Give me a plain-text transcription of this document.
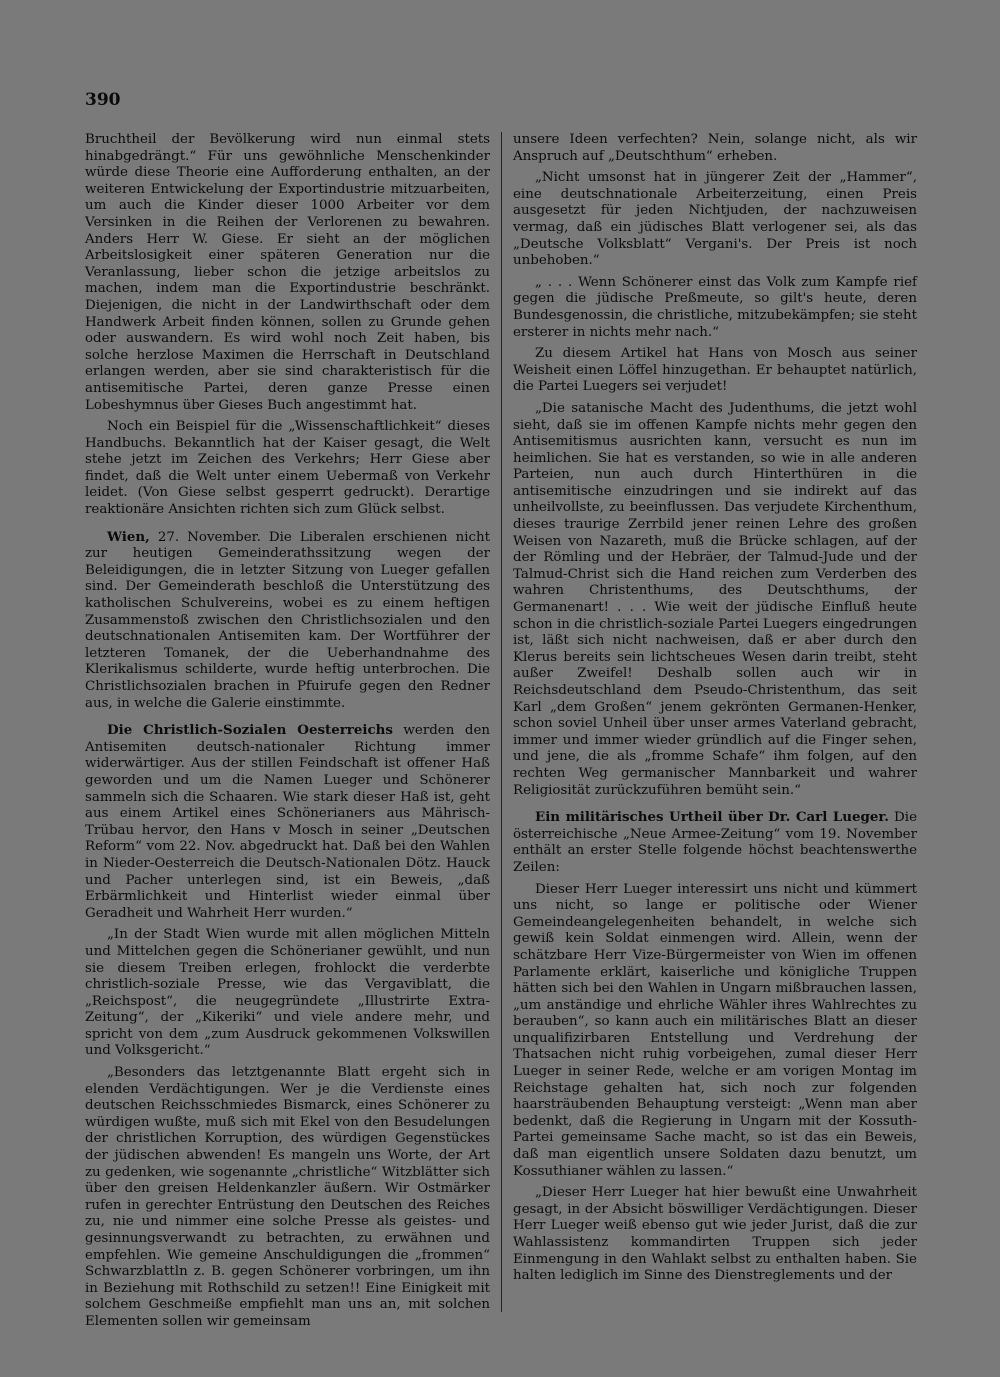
390

Bruchtheil der Bevölkerung wird nun einmal stets hinabgedrängt.“ Für uns gewöhnliche Menschenkinder würde diese Theorie eine Aufforderung enthalten, an der weiteren Entwickelung der Exportindustrie mitzuarbeiten, um auch die Kinder dieser 1000 Arbeiter vor dem Versinken in die Reihen der Verlorenen zu bewahren. Anders Herr W. Giese. Er sieht an der möglichen Arbeitslosigkeit einer späteren Generation nur die Veranlassung, lieber schon die jetzige arbeitslos zu machen, indem man die Exportindustrie beschränkt. Diejenigen, die nicht in der Landwirthschaft oder dem Handwerk Arbeit finden können, sollen zu Grunde gehen oder auswandern. Es wird wohl noch Zeit haben, bis solche herzlose Maximen die Herrschaft in Deutschland erlangen werden, aber sie sind charakteristisch für die antisemitische Partei, deren ganze Presse einen Lobeshymnus über Gieses Buch angestimmt hat.

Noch ein Beispiel für die „Wissenschaftlichkeit“ dieses Handbuchs. Bekanntlich hat der Kaiser gesagt, die Welt stehe jetzt im Zeichen des Verkehrs; Herr Giese aber findet, daß die Welt unter einem Uebermaß von Verkehr leidet. (Von Giese selbst gesperrt gedruckt). Derartige reaktionäre Ansichten richten sich zum Glück selbst.

Wien, 27. November. Die Liberalen erschienen nicht zur heutigen Gemeinderathssitzung wegen der Beleidigungen, die in letzter Sitzung von Lueger gefallen sind. Der Gemeinderath beschloß die Unterstützung des katholischen Schulvereins, wobei es zu einem heftigen Zusammenstoß zwischen den Christlichsozialen und den deutschnationalen Antisemiten kam. Der Wortführer der letzteren Tomanek, der die Ueberhandnahme des Klerikalismus schilderte, wurde heftig unterbrochen. Die Christlichsozialen brachen in Pfuirufe gegen den Redner aus, in welche die Galerie einstimmte.

Die Christlich-Sozialen Oesterreichs werden den Antisemiten deutsch-nationaler Richtung immer widerwärtiger. Aus der stillen Feindschaft ist offener Haß geworden und um die Namen Lueger und Schönerer sammeln sich die Schaaren. Wie stark dieser Haß ist, geht aus einem Artikel eines Schönerianers aus Mährisch-Trübau hervor, den Hans v Mosch in seiner „Deutschen Reform“ vom 22. Nov. abgedruckt hat. Daß bei den Wahlen in Nieder-Oesterreich die Deutsch-Nationalen Dötz. Hauck und Pacher unterlegen sind, ist ein Beweis, „daß Erbärmlichkeit und Hinterlist wieder einmal über Geradheit und Wahrheit Herr wurden.“

„In der Stadt Wien wurde mit allen möglichen Mitteln und Mittelchen gegen die Schönerianer gewühlt, und nun sie diesem Treiben erlegen, frohlockt die verderbte christlich-soziale Presse, wie das Vergaviblatt, die „Reichspost“, die neugegründete „Illustrirte Extra-Zeitung“, der „Kikeriki“ und viele andere mehr, und spricht von dem „zum Ausdruck gekommenen Volkswillen und Volksgericht.“

„Besonders das letztgenannte Blatt ergeht sich in elenden Verdächtigungen. Wer je die Verdienste eines deutschen Reichsschmiedes Bismarck, eines Schönerer zu würdigen wußte, muß sich mit Ekel von den Besudelungen der christlichen Korruption, des würdigen Gegenstückes der jüdischen abwenden! Es mangeln uns Worte, der Art zu gedenken, wie sogenannte „christliche“ Witzblätter sich über den greisen Heldenkanzler äußern. Wir Ostmärker rufen in gerechter Entrüstung den Deutschen des Reiches zu, nie und nimmer eine solche Presse als geistes- und gesinnungsverwandt zu betrachten, zu erwähnen und empfehlen. Wie gemeine Anschuldigungen die „frommen“ Schwarzblattln z. B. gegen Schönerer vorbringen, um ihn in Beziehung mit Rothschild zu setzen!! Eine Einigkeit mit solchem Geschmeiße empfiehlt man uns an, mit solchen Elementen sollen wir gemeinsam

unsere Ideen verfechten? Nein, solange nicht, als wir Anspruch auf „Deutschthum“ erheben.

„Nicht umsonst hat in jüngerer Zeit der „Hammer“, eine deutschnationale Arbeiterzeitung, einen Preis ausgesetzt für jeden Nichtjuden, der nachzuweisen vermag, daß ein jüdisches Blatt verlogener sei, als das „Deutsche Volksblatt“ Vergani's. Der Preis ist noch unbehoben.“

„ . . . Wenn Schönerer einst das Volk zum Kampfe rief gegen die jüdische Preßmeute, so gilt's heute, deren Bundesgenossin, die christliche, mitzubekämpfen; sie steht ersterer in nichts mehr nach.“

Zu diesem Artikel hat Hans von Mosch aus seiner Weisheit einen Löffel hinzugethan. Er behauptet natürlich, die Partei Luegers sei verjudet!

„Die satanische Macht des Judenthums, die jetzt wohl sieht, daß sie im offenen Kampfe nichts mehr gegen den Antisemitismus ausrichten kann, versucht es nun im heimlichen. Sie hat es verstanden, so wie in alle anderen Parteien, nun auch durch Hinterthüren in die antisemitische einzudringen und sie indirekt auf das unheilvollste, zu beeinflussen. Das verjudete Kirchenthum, dieses traurige Zerrbild jener reinen Lehre des großen Weisen von Nazareth, muß die Brücke schlagen, auf der der Römling und der Hebräer, der Talmud-Jude und der Talmud-Christ sich die Hand reichen zum Verderben des wahren Christenthums, des Deutschthums, der Germanenart! . . . Wie weit der jüdische Einfluß heute schon in die christlich-soziale Partei Luegers eingedrungen ist, läßt sich nicht nachweisen, daß er aber durch den Klerus bereits sein lichtscheues Wesen darin treibt, steht außer Zweifel! Deshalb sollen auch wir in Reichsdeutschland dem Pseudo-Christenthum, das seit Karl „dem Großen“ jenem gekrönten Germanen-Henker, schon soviel Unheil über unser armes Vaterland gebracht, immer und immer wieder gründlich auf die Finger sehen, und jene, die als „fromme Schafe“ ihm folgen, auf den rechten Weg germanischer Mannbarkeit und wahrer Religiosität zurückzuführen bemüht sein.“

Ein militärisches Urtheil über Dr. Carl Lueger. Die österreichische „Neue Armee-Zeitung“ vom 19. November enthält an erster Stelle folgende höchst beachtenswerthe Zeilen:

Dieser Herr Lueger interessirt uns nicht und kümmert uns nicht, so lange er politische oder Wiener Gemeindeangelegenheiten behandelt, in welche sich gewiß kein Soldat einmengen wird. Allein, wenn der schätzbare Herr Vize-Bürgermeister von Wien im offenen Parlamente erklärt, kaiserliche und königliche Truppen hätten sich bei den Wahlen in Ungarn mißbrauchen lassen, „um anständige und ehrliche Wähler ihres Wahlrechtes zu berauben“, so kann auch ein militärisches Blatt an dieser unqualifizirbaren Entstellung und Verdrehung der Thatsachen nicht ruhig vorbeigehen, zumal dieser Herr Lueger in seiner Rede, welche er am vorigen Montag im Reichstage gehalten hat, sich noch zur folgenden haarsträubenden Behauptung versteigt: „Wenn man aber bedenkt, daß die Regierung in Ungarn mit der Kossuth-Partei gemeinsame Sache macht, so ist das ein Beweis, daß man eigentlich unsere Soldaten dazu benutzt, um Kossuthianer wählen zu lassen.“

„Dieser Herr Lueger hat hier bewußt eine Unwahrheit gesagt, in der Absicht böswilliger Verdächtigungen. Dieser Herr Lueger weiß ebenso gut wie jeder Jurist, daß die zur Wahlassistenz kommandirten Truppen sich jeder Einmengung in den Wahlakt selbst zu enthalten haben. Sie halten lediglich im Sinne des Dienstreglements und der
